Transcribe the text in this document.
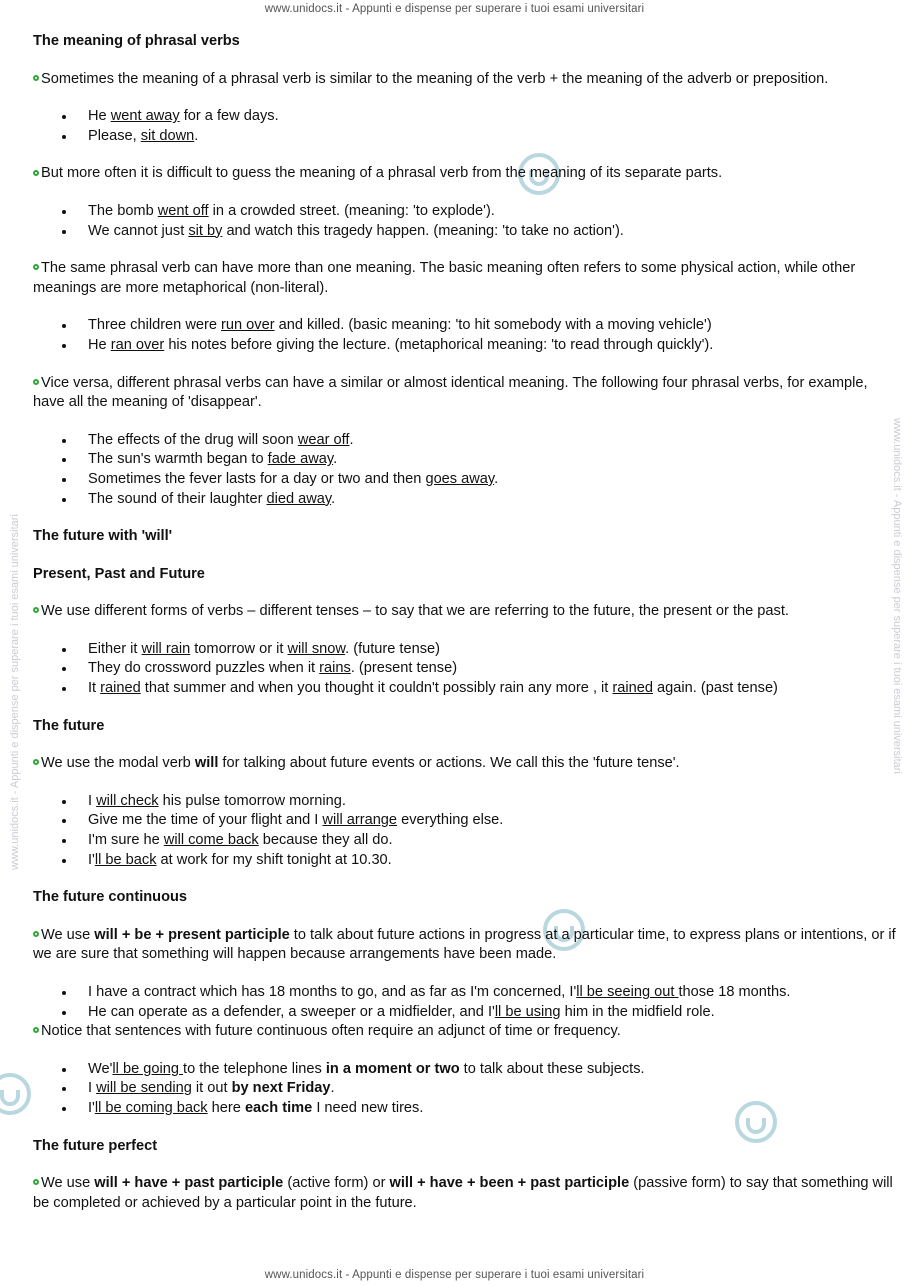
www.unidocs.it - Appunti e dispense per superare i tuoi esami universitari
www.unidocs.it - Appunti e dispense per superare i tuoi esami universitari	www.unidocs.it - Appunti e dispense per superare i tuoi esami universitari
The meaning of phrasal verbs

Sometimes the meaning of a phrasal verb is similar to the meaning of the verb + the meaning of the adverb or preposition.

He went away for a few days.
Please, sit down.

But more often it is difficult to guess the meaning of a phrasal verb from the meaning of its separate parts.

The bomb went off in a crowded street. (meaning: 'to explode').
We cannot just sit by and watch this tragedy happen. (meaning: 'to take no action').

The same phrasal verb can have more than one meaning. The basic meaning often refers to some physical action, while other meanings are more metaphorical (non-literal).

Three children were run over and killed. (basic meaning: 'to hit somebody with a moving vehicle')
He ran over his notes before giving the lecture. (metaphorical meaning: 'to read through quickly').

Vice versa, different phrasal verbs can have a similar or almost identical meaning. The following four phrasal verbs, for example, have all the meaning of 'disappear'.

The effects of the drug will soon wear off.
The sun's warmth began to fade away.
Sometimes the fever lasts for a day or two and then goes away.
The sound of their laughter died away.
The future with 'will'
Present, Past and Future

We use different forms of verbs – different tenses – to say that we are referring to the future, the present or the past.

Either it will rain tomorrow or it will snow. (future tense)
They do crossword puzzles when it rains. (present tense)
It rained that summer and when you thought it couldn't possibly rain any more , it rained again. (past tense)
The future

We use the modal verb will for talking about future events or actions. We call this the 'future tense'.

I will check his pulse tomorrow morning.
Give me the time of your flight and I will arrange everything else.
I'm sure he will come back because they all do.
I'll be back at work for my shift tonight at 10.30.
The future continuous

We use will + be + present participle to talk about future actions in progress at a particular time, to express plans or intentions, or if we are sure that something will happen because arrangements have been made.

I have a contract which has 18 months to go, and as far as I'm concerned, I'll be seeing out those 18 months.
He can operate as a defender, a sweeper or a midfielder, and I'll be using him in the midfield role.

Notice that sentences with future continuous often require an adjunct of time or frequency.

We'll be going to the telephone lines in a moment or two to talk about these subjects.
I will be sending it out by next Friday.
I'll be coming back here each time I need new tires.
The future perfect

We use will + have + past participle (active form) or will + have + been + past participle (passive form) to say that something will be completed or achieved by a particular point in the future.

www.unidocs.it - Appunti e dispense per superare i tuoi esami universitari
